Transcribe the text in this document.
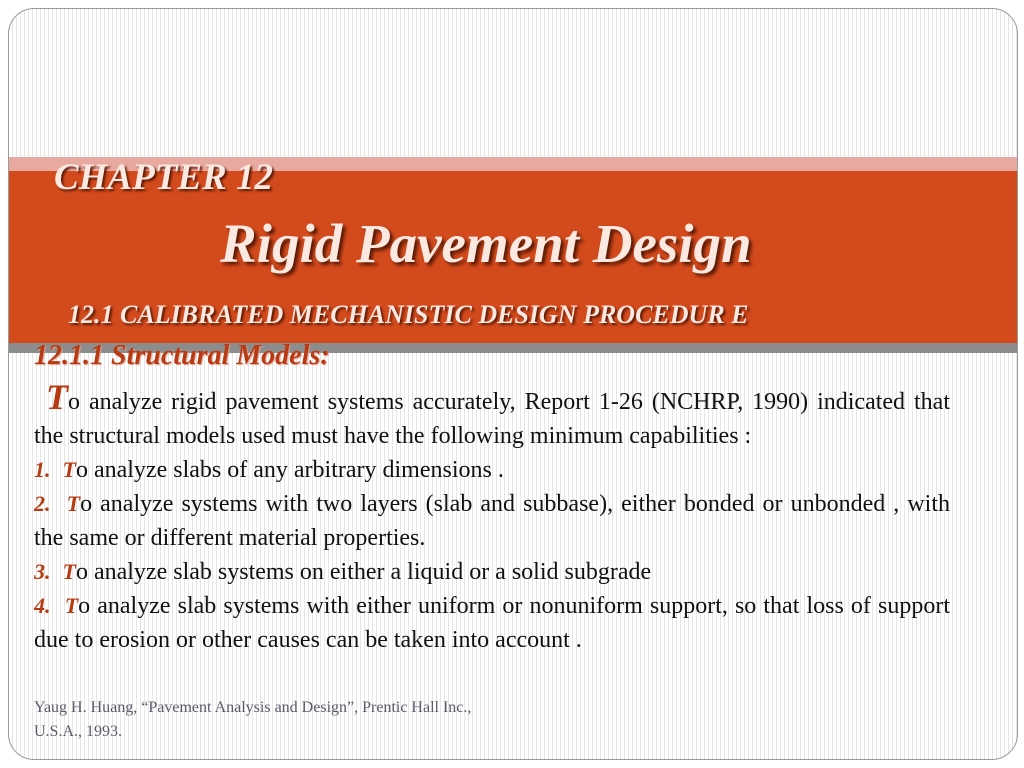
CHAPTER 12
Rigid Pavement Design
12.1 CALIBRATED MECHANISTIC DESIGN PROCEDUR E
12.1.1 Structural Models:

To analyze rigid pavement systems accurately, Report 1-26 (NCHRP, 1990) indicated that the structural models used must have the following minimum capabilities :

1. To analyze slabs of any arbitrary dimensions .

2. To analyze systems with two layers (slab and subbase), either bonded or unbonded , with the same or different material properties.

3. To analyze slab systems on either a liquid or a solid subgrade

4. To analyze slab systems with either uniform or nonuniform support, so that loss of support due to erosion or other causes can be taken into account .

Yaug H. Huang, “Pavement Analysis and Design”, Prentic Hall Inc.,
U.S.A., 1993.
